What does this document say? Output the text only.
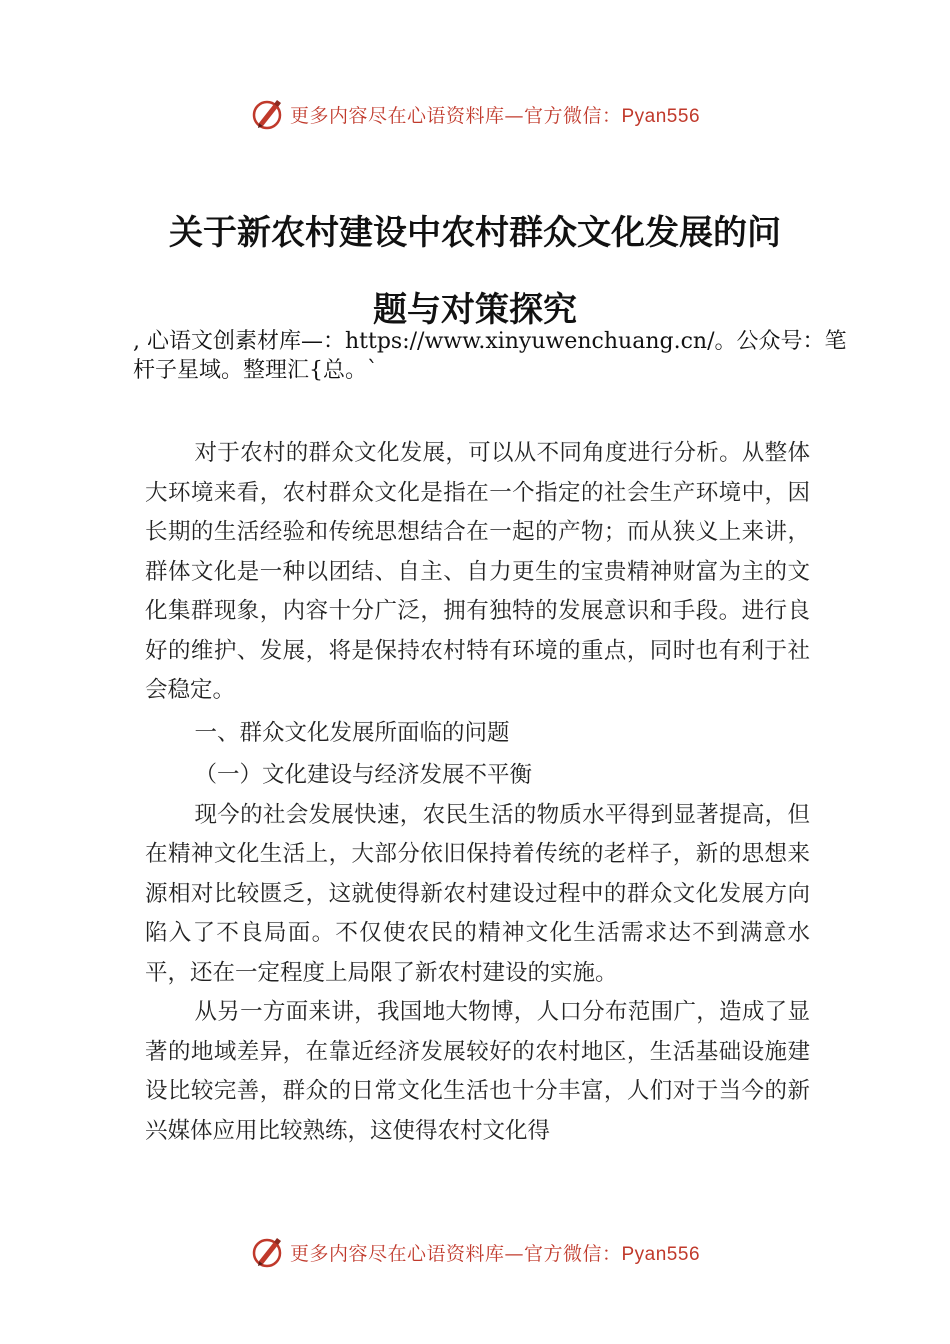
更多内容尽在心语资料库—官方微信：Pyan556
关于新农村建设中农村群众文化发展的问
题与对策探究
, 心语文创素材库—：https://www.xinyuwenchuang.cn/。公众号：笔杆子星域。整理汇{总。`

对于农村的群众文化发展，可以从不同角度进行分析。从整体大环境来看，农村群众文化是指在一个指定的社会生产环境中，因长期的生活经验和传统思想结合在一起的产物；而从狭义上来讲，群体文化是一种以团结、自主、自力更生的宝贵精神财富为主的文化集群现象，内容十分广泛，拥有独特的发展意识和手段。进行良好的维护、发展，将是保持农村特有环境的重点，同时也有利于社会稳定。

一、群众文化发展所面临的问题

（一）文化建设与经济发展不平衡

现今的社会发展快速，农民生活的物质水平得到显著提高，但在精神文化生活上，大部分依旧保持着传统的老样子，新的思想来源相对比较匮乏，这就使得新农村建设过程中的群众文化发展方向陷入了不良局面。不仅使农民的精神文化生活需求达不到满意水平，还在一定程度上局限了新农村建设的实施。

从另一方面来讲，我国地大物博，人口分布范围广，造成了显著的地域差异，在靠近经济发展较好的农村地区，生活基础设施建设比较完善，群众的日常文化生活也十分丰富，人们对于当今的新兴媒体应用比较熟练，这使得农村文化得

更多内容尽在心语资料库—官方微信：Pyan556
